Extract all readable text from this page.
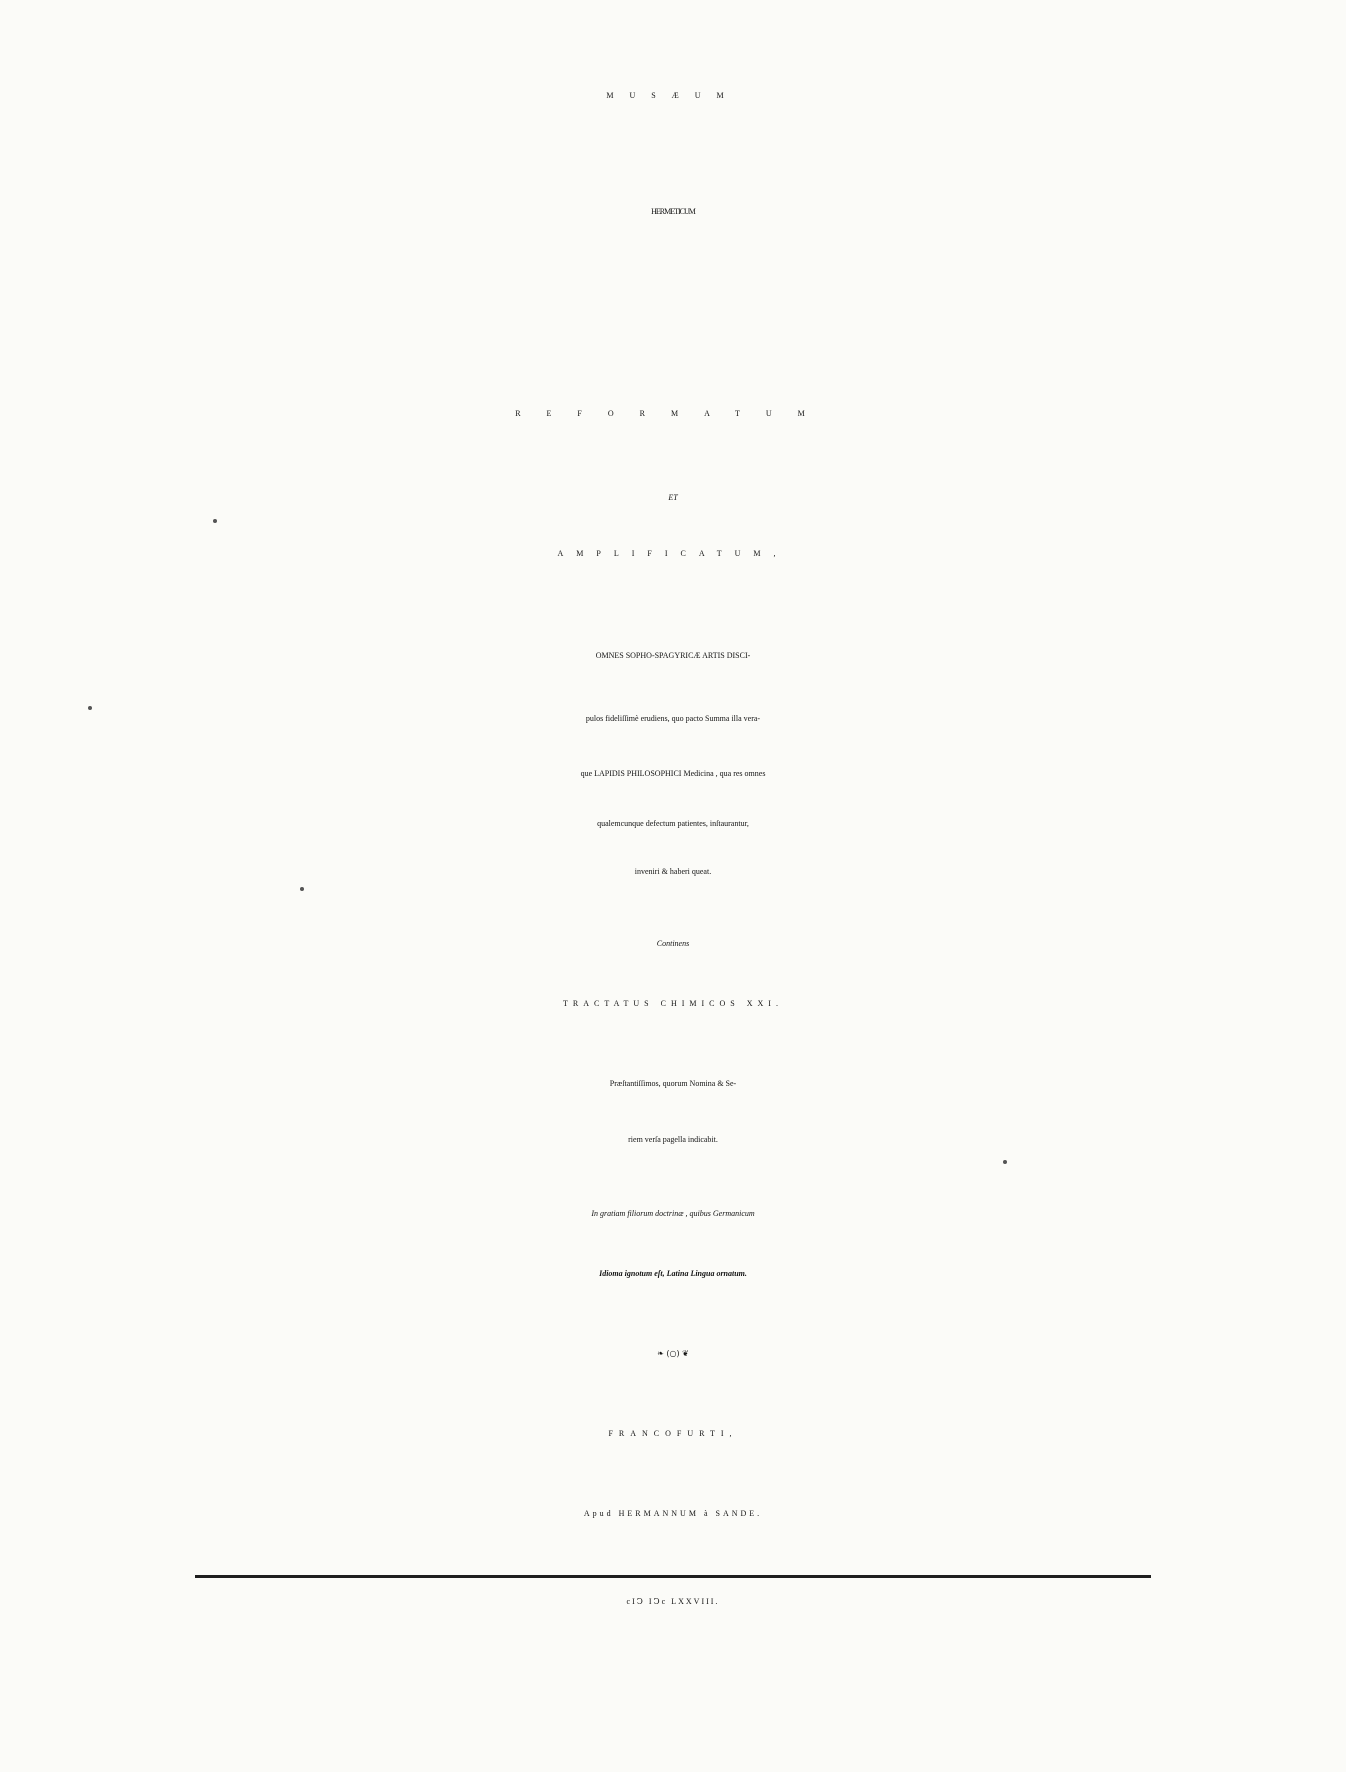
MUSÆUM
HERMETICUM
REFORMATUM
ET
AMPLIFICATUM,
OMNES SOPHO-SPAGYRICÆ ARTIS DISCI-
pulos fideliſſimè erudiens, quo pacto Summa illa vera-
que LAPIDIS PHILOSOPHICI Medicina , qua res omnes
qualemcunque defectum patientes, inſtaurantur,
inveniri & haberi queat.
Continens
TRACTATUS CHIMICOS XXI.
Præſtantiſſimos, quorum Nomina & Se-
riem verſa pagella indicabit.
In gratiam filiorum doctrinæ , quibus Germanicum
Idioma ignotum eſt, Latina Lingua ornatum.
❧ (○) ❦
FRANCOFURTI,
Apud HERMANNUM à SANDE.
cIↃ IↃc LXXVIII.
